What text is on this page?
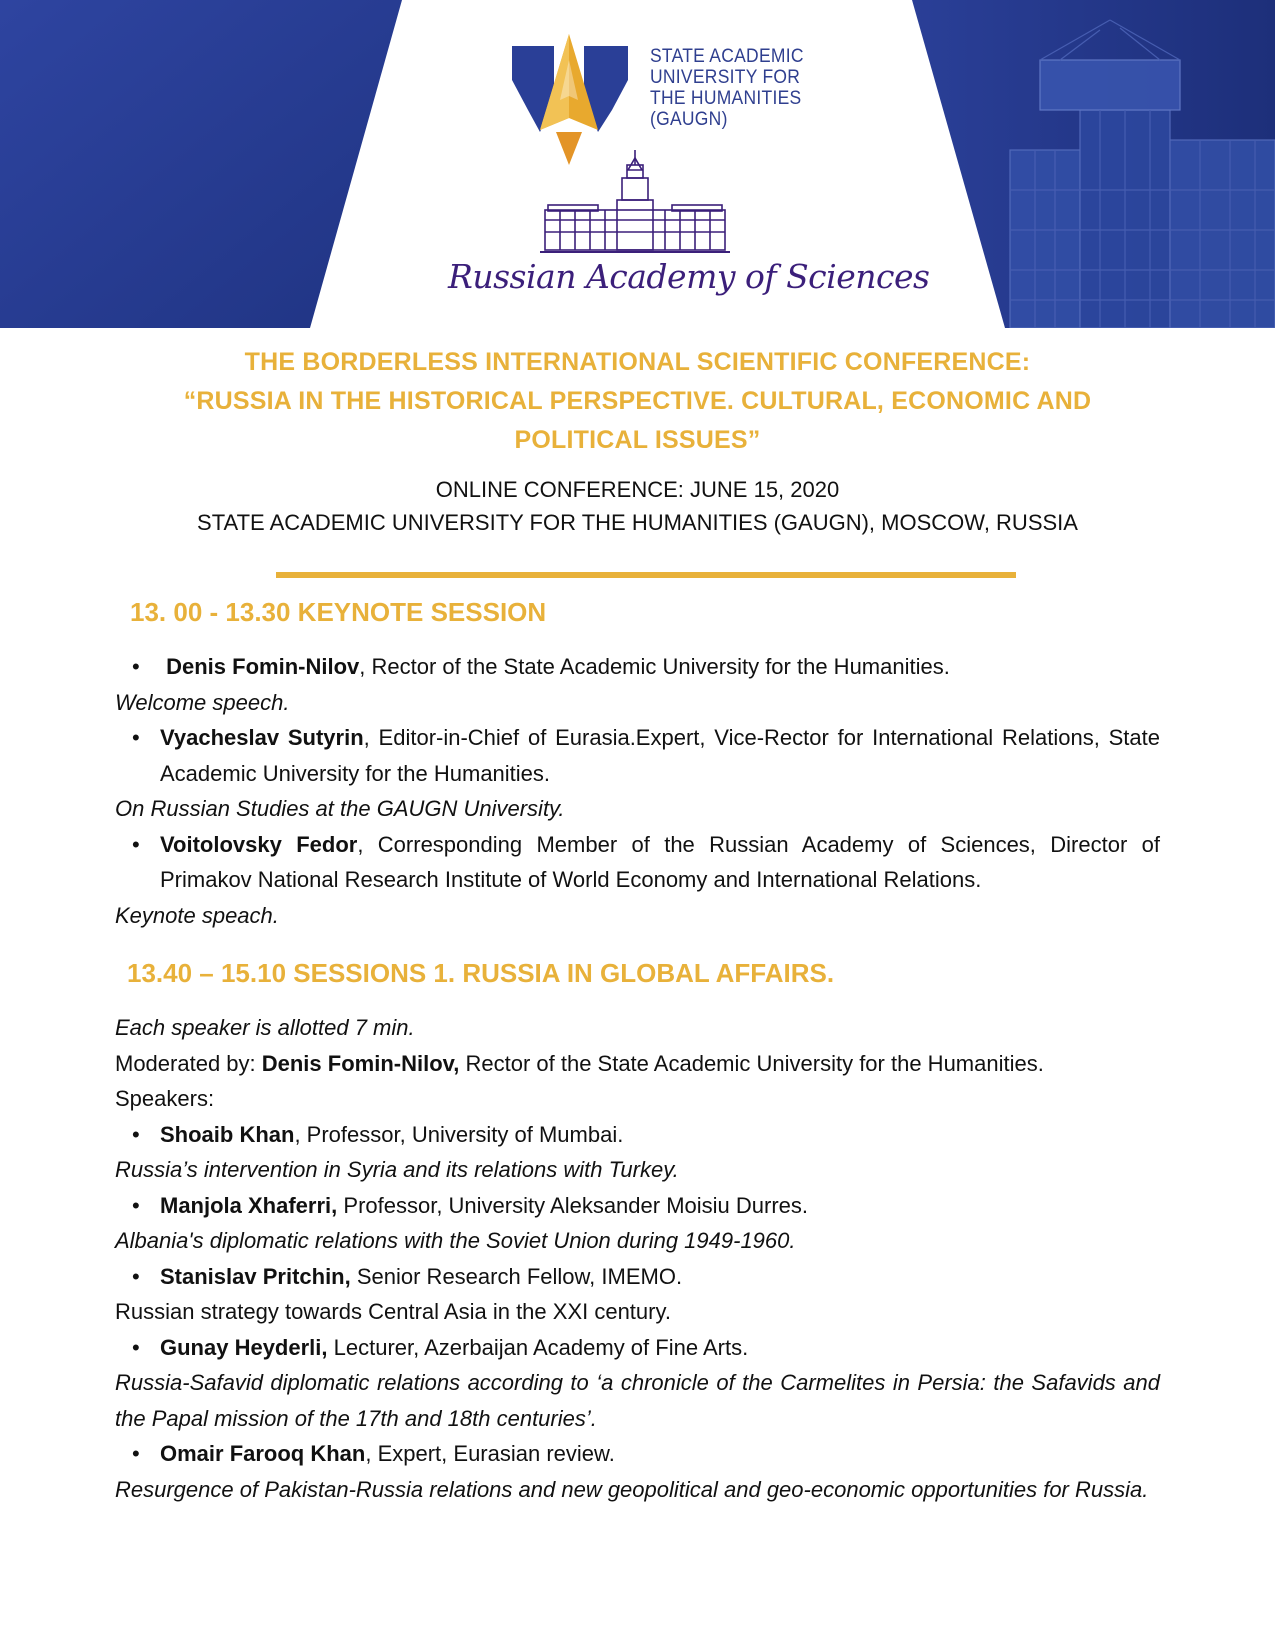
STATE ACADEMIC
UNIVERSITY FOR
THE HUMANITIES
(GAUGN)
Russian Academy of Sciences
THE BORDERLESS INTERNATIONAL SCIENTIFIC CONFERENCE:
“RUSSIA IN THE HISTORICAL PERSPECTIVE. CULTURAL, ECONOMIC AND
POLITICAL ISSUES”
ONLINE CONFERENCE: JUNE 15, 2020
STATE ACADEMIC UNIVERSITY FOR THE HUMANITIES (GAUGN), MOSCOW, RUSSIA
13. 00 - 13.30 KEYNOTE SESSION

• Denis Fomin-Nilov, Rector of the State Academic University for the Humanities.

Welcome speech.

• Vyacheslav Sutyrin, Editor-in-Chief of Eurasia.Expert, Vice-Rector for International Relations, State Academic University for the Humanities.

On Russian Studies at the GAUGN University.

• Voitolovsky Fedor, Corresponding Member of the Russian Academy of Sciences, Director of Primakov National Research Institute of World Economy and International Relations.

Keynote speach.

13.40 – 15.10 SESSIONS 1. RUSSIA IN GLOBAL AFFAIRS.

Each speaker is allotted 7 min.

Moderated by: Denis Fomin-Nilov, Rector of the State Academic University for the Humanities.

Speakers:

• Shoaib Khan, Professor, University of Mumbai.

Russia’s intervention in Syria and its relations with Turkey.

• Manjola Xhaferri, Professor, University Aleksander Moisiu Durres.

Albania's diplomatic relations with the Soviet Union during 1949-1960.

• Stanislav Pritchin, Senior Research Fellow, IMEMO.

Russian strategy towards Central Asia in the XXI century.

• Gunay Heyderli, Lecturer, Azerbaijan Academy of Fine Arts.

Russia-Safavid diplomatic relations according to ‘a chronicle of the Carmelites in Persia: the Safavids and the Papal mission of the 17th and 18th centuries’.

• Omair Farooq Khan, Expert, Eurasian review.

Resurgence of Pakistan-Russia relations and new geopolitical and geo-economic opportunities for Russia.
